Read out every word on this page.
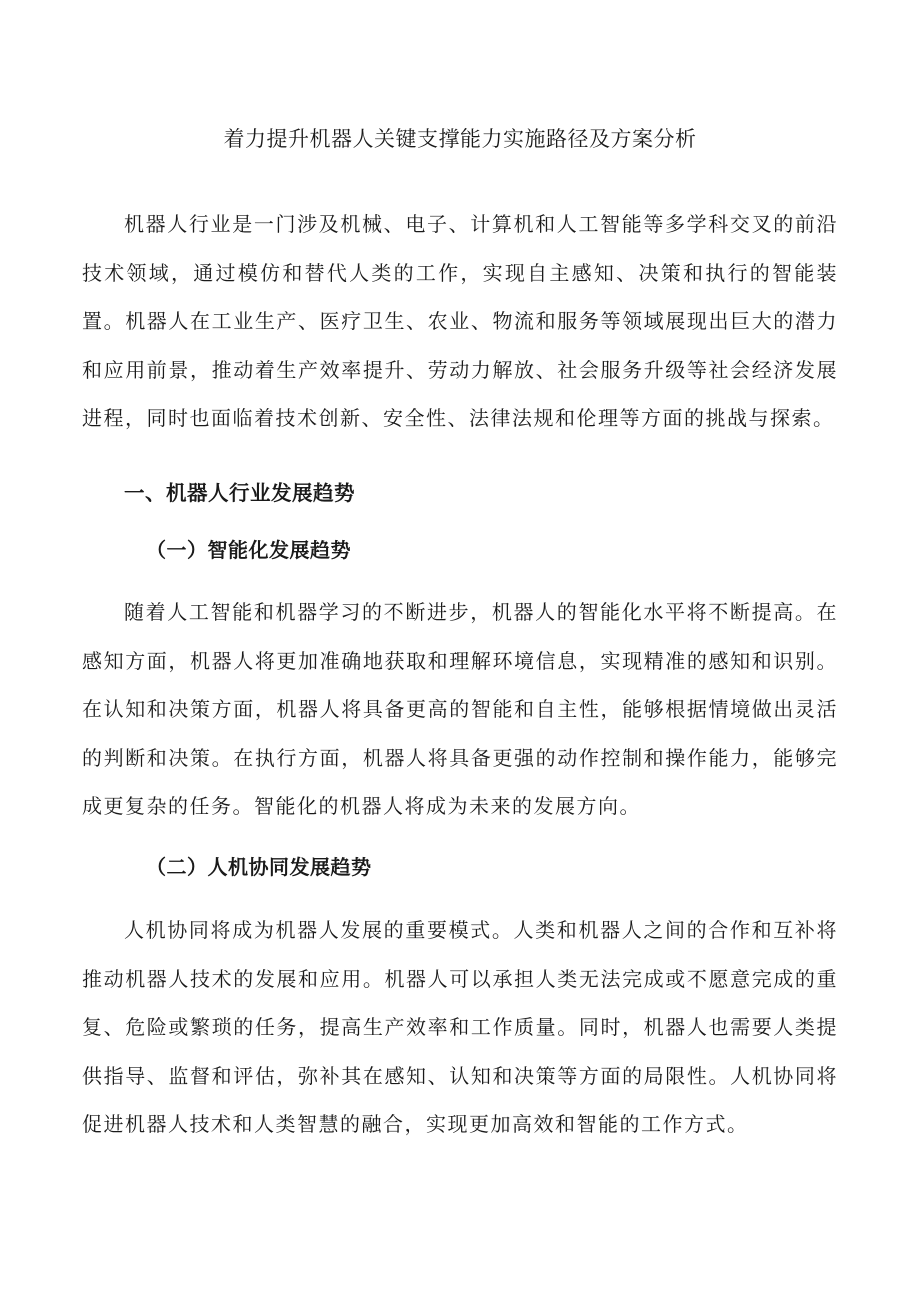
着力提升机器人关键支撑能力实施路径及方案分析

机器人行业是一门涉及机械、电子、计算机和人工智能等多学科交叉的前沿技术领域，通过模仿和替代人类的工作，实现自主感知、决策和执行的智能装置。机器人在工业生产、医疗卫生、农业、物流和服务等领域展现出巨大的潜力和应用前景，推动着生产效率提升、劳动力解放、社会服务升级等社会经济发展进程，同时也面临着技术创新、安全性、法律法规和伦理等方面的挑战与探索。

一、机器人行业发展趋势
（一）智能化发展趋势

随着人工智能和机器学习的不断进步，机器人的智能化水平将不断提高。在感知方面，机器人将更加准确地获取和理解环境信息，实现精准的感知和识别。在认知和决策方面，机器人将具备更高的智能和自主性，能够根据情境做出灵活的判断和决策。在执行方面，机器人将具备更强的动作控制和操作能力，能够完成更复杂的任务。智能化的机器人将成为未来的发展方向。

（二）人机协同发展趋势

人机协同将成为机器人发展的重要模式。人类和机器人之间的合作和互补将推动机器人技术的发展和应用。机器人可以承担人类无法完成或不愿意完成的重复、危险或繁琐的任务，提高生产效率和工作质量。同时，机器人也需要人类提供指导、监督和评估，弥补其在感知、认知和决策等方面的局限性。人机协同将促进机器人技术和人类智慧的融合，实现更加高效和智能的工作方式。
